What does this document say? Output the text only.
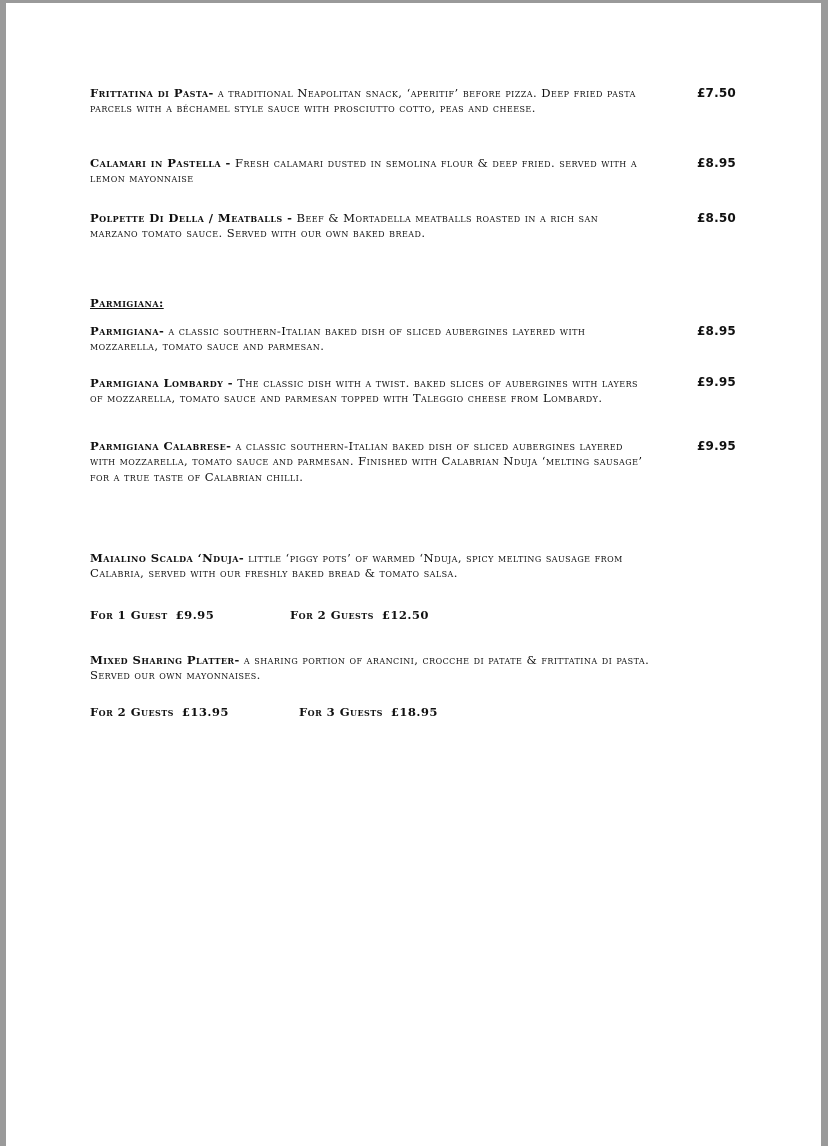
Frittatina di Pasta- a traditional Neapolitan snack, ‘aperitif’ before pizza. Deep fried pasta parcels with a béchamel style sauce with prosciutto cotto, peas and cheese.

£7.50

Calamari in Pastella - Fresh calamari dusted in semolina flour & deep fried. served with a lemon mayonnaise

£8.95

Polpette Di Della / Meatballs - Beef & Mortadella meatballs roasted in a rich san marzano tomato sauce. Served with our own baked bread.

£8.50
Parmigiana:

Parmigiana- a classic southern-Italian baked dish of sliced aubergines layered with mozzarella, tomato sauce and parmesan.

£8.95

Parmigiana Lombardy - The classic dish with a twist. baked slices of aubergines with layers of mozzarella, tomato sauce and parmesan topped with Taleggio cheese from Lombardy.

£9.95

Parmigiana Calabrese- a classic southern-Italian baked dish of sliced aubergines layered with mozzarella, tomato sauce and parmesan. Finished with Calabrian Nduja ‘melting sausage’ for a true taste of Calabrian chilli.

£9.95

Maialino Scalda ‘Nduja- little ‘piggy pots’ of warmed ‘Nduja, spicy melting sausage from Calabria, served with our freshly baked bread & tomato salsa.

For 1 Guest £9.95	For 2 Guests £12.50

Mixed Sharing Platter- a sharing portion of arancini, crocche di patate & frittatina di pasta. Served our own mayonnaises.

For 2 Guests £13.95	For 3 Guests £18.95
